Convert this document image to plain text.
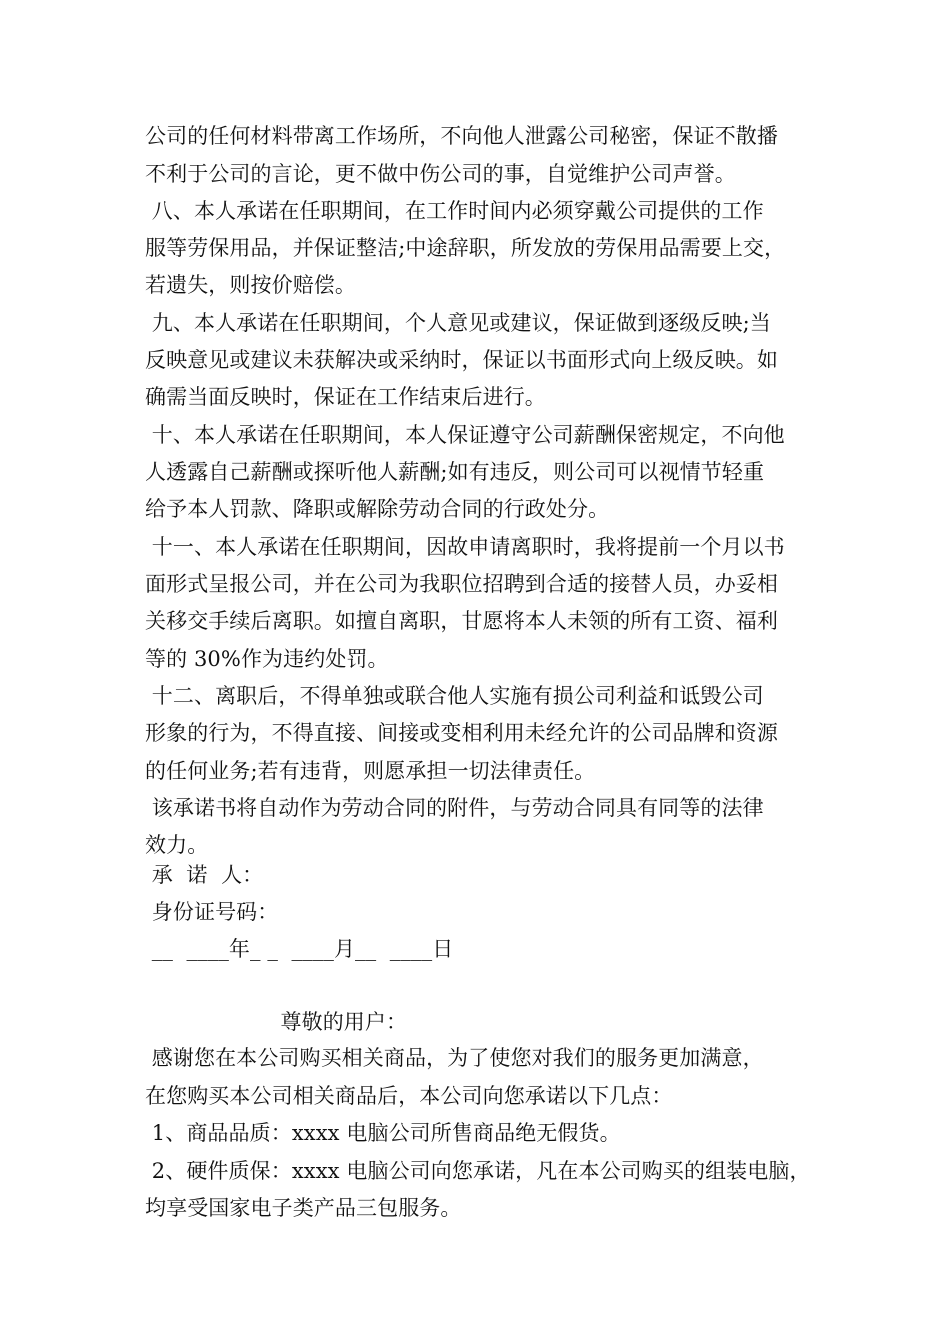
公司的任何材料带离工作场所，不向他人泄露公司秘密，保证不散播
不利于公司的言论，更不做中伤公司的事，自觉维护公司声誉。
八、本人承诺在任职期间，在工作时间内必须穿戴公司提供的工作
服等劳保用品，并保证整洁;中途辞职，所发放的劳保用品需要上交，
若遗失，则按价赔偿。
九、本人承诺在任职期间，个人意见或建议，保证做到逐级反映;当
反映意见或建议未获解决或采纳时，保证以书面形式向上级反映。如
确需当面反映时，保证在工作结束后进行。
十、本人承诺在任职期间，本人保证遵守公司薪酬保密规定，不向他
人透露自己薪酬或探听他人薪酬;如有违反，则公司可以视情节轻重
给予本人罚款、降职或解除劳动合同的行政处分。
十一、本人承诺在任职期间，因故申请离职时，我将提前一个月以书
面形式呈报公司，并在公司为我职位招聘到合适的接替人员，办妥相
关移交手续后离职。如擅自离职，甘愿将本人未领的所有工资、福利
等的 30%作为违约处罚。
十二、离职后，不得单独或联合他人实施有损公司利益和诋毁公司
形象的行为，不得直接、间接或变相利用未经允许的公司品牌和资源
的任何业务;若有违背，则愿承担一切法律责任。
该承诺书将自动作为劳动合同的附件，与劳动合同具有同等的法律
效力。
承  诺  人：
身份证号码：
__  ____年_ _  ____月__  ____日
尊敬的用户：
感谢您在本公司购买相关商品，为了使您对我们的服务更加满意，
在您购买本公司相关商品后，本公司向您承诺以下几点：
1、商品品质：xxxx 电脑公司所售商品绝无假货。
2、硬件质保：xxxx 电脑公司向您承诺，凡在本公司购买的组装电脑，
均享受国家电子类产品三包服务。
